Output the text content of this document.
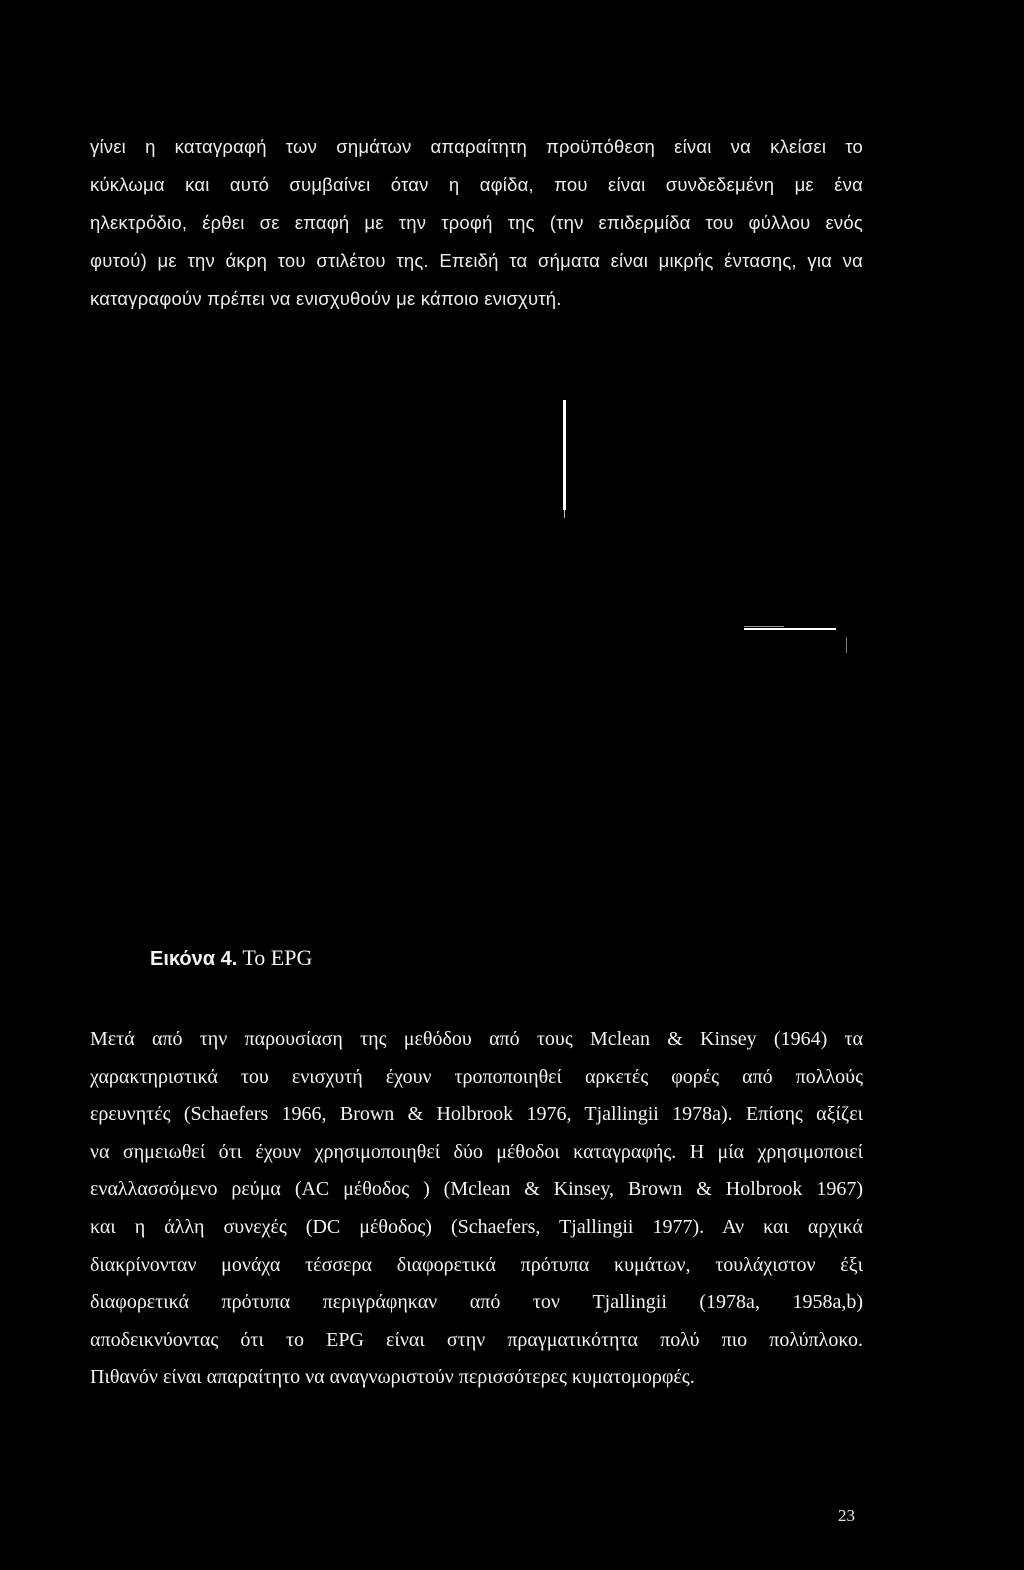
γίνει η καταγραφή των σημάτων απαραίτητη προϋπόθεση είναι να κλείσει το
κύκλωμα και αυτό συμβαίνει όταν η αφίδα, που είναι συνδεδεμένη με ένα
ηλεκτρόδιο, έρθει σε επαφή με την τροφή της (την επιδερμίδα του φύλλου ενός
φυτού) με την άκρη του στιλέτου της. Επειδή τα σήματα είναι μικρής έντασης, για να
καταγραφούν πρέπει να ενισχυθούν με κάποιο ενισχυτή.
Εικόνα 4. Το EPG
Μετά από την παρουσίαση της μεθόδου από τους Mclean & Kinsey (1964) τα
χαρακτηριστικά του ενισχυτή έχουν τροποποιηθεί αρκετές φορές από πολλούς
ερευνητές (Schaefers 1966, Brown & Holbrook 1976, Tjallingii 1978a). Επίσης αξίζει
να σημειωθεί ότι έχουν χρησιμοποιηθεί δύο μέθοδοι καταγραφής. Η μία χρησιμοποιεί
εναλλασσόμενο ρεύμα (AC μέθοδος ) (Mclean & Kinsey, Brown & Holbrook 1967)
και η άλλη συνεχές (DC μέθοδος) (Schaefers, Tjallingii 1977). Αν και αρχικά
διακρίνονταν μονάχα τέσσερα διαφορετικά πρότυπα κυμάτων, τουλάχιστον έξι
διαφορετικά πρότυπα περιγράφηκαν από τον Tjallingii (1978a, 1958a,b)
αποδεικνύοντας ότι το EPG είναι στην πραγματικότητα πολύ πιο πολύπλοκο.
Πιθανόν είναι απαραίτητο να αναγνωριστούν περισσότερες κυματομορφές.
23
